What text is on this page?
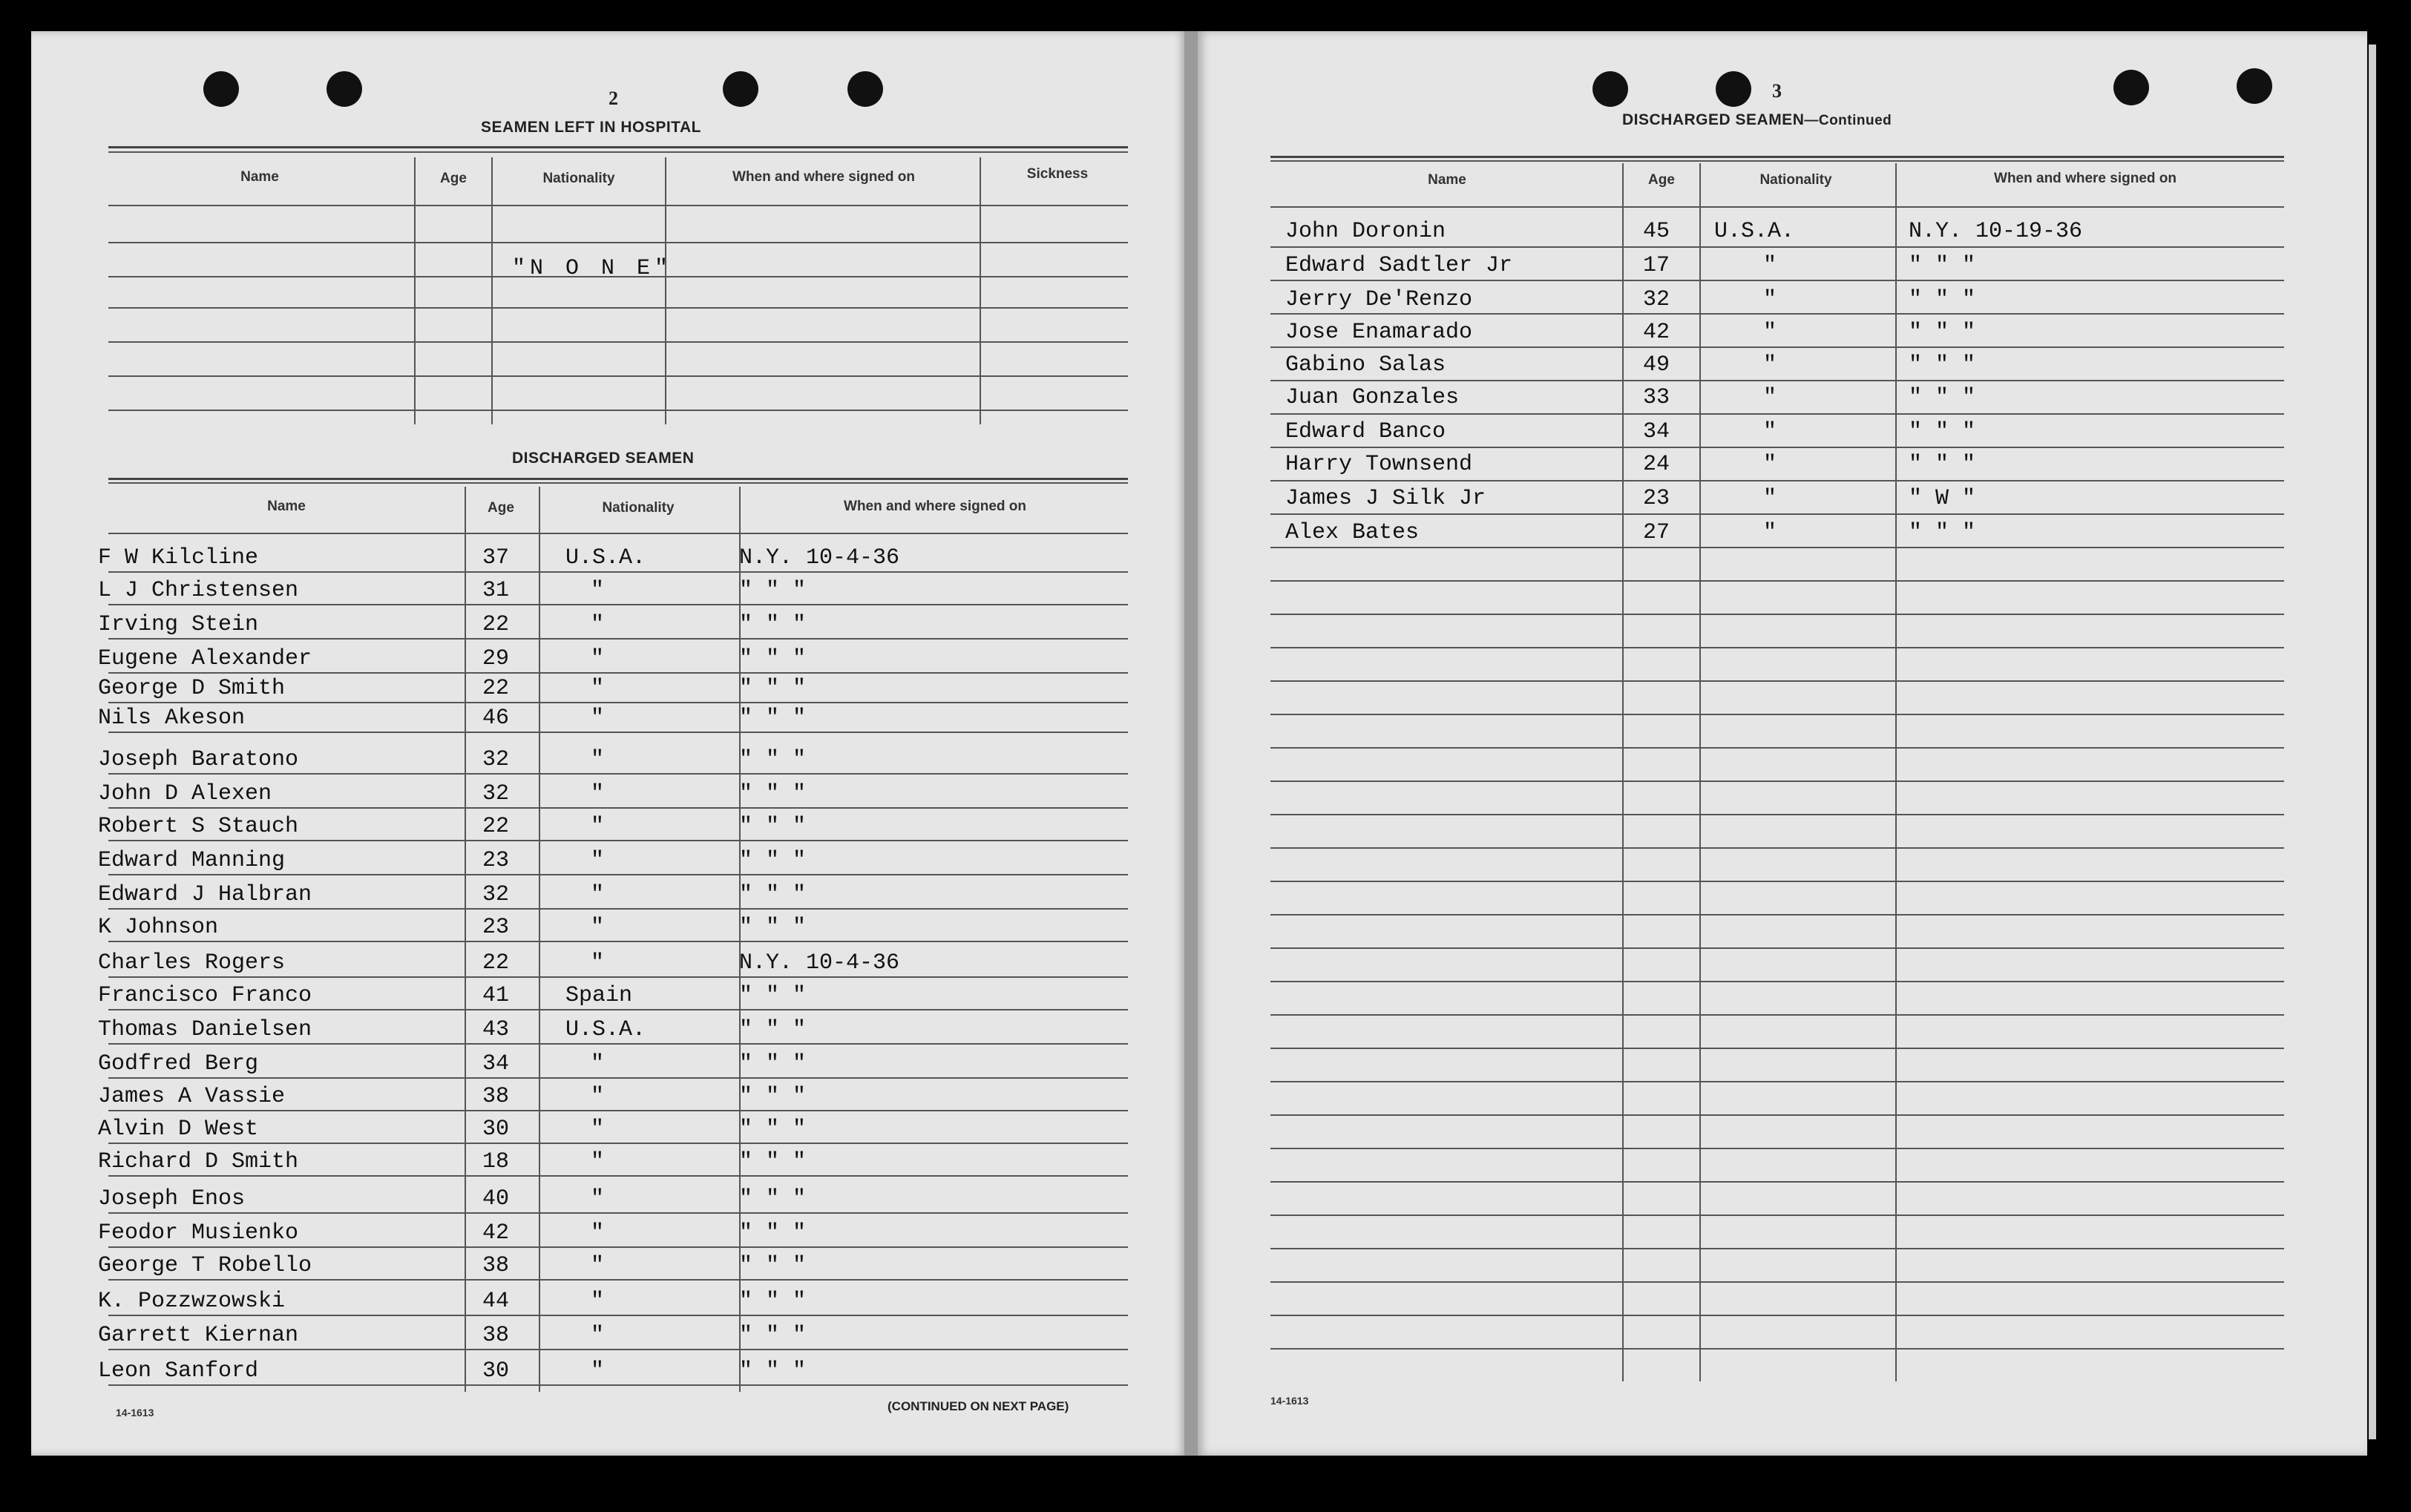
2
SEAMEN LEFT IN HOSPITAL
Name	Age	Nationality	When and where signed on	Sickness
"N O N E"
DISCHARGED SEAMEN
Name	Age	Nationality	When and where signed on
F W Kilcline	37	U.S.A.	N.Y. 10-4-36
L J Christensen	31	"	" " "
Irving Stein	22	"	" " "
Eugene Alexander	29	"	" " "
George D Smith	22	"	" " "
Nils Akeson	46	"	" " "
Joseph Baratono	32	"	" " "
John D Alexen	32	"	" " "
Robert S Stauch	22	"	" " "
Edward Manning	23	"	" " "
Edward J Halbran	32	"	" " "
K Johnson	23	"	" " "
Charles Rogers	22	"	N.Y. 10-4-36
Francisco Franco	41	Spain	" " "
Thomas Danielsen	43	U.S.A.	" " "
Godfred Berg	34	"	" " "
James A Vassie	38	"	" " "
Alvin D West	30	"	" " "
Richard D Smith	18	"	" " "
Joseph Enos	40	"	" " "
Feodor Musienko	42	"	" " "
George T Robello	38	"	" " "
K. Pozzwzowski	44	"	" " "
Garrett Kiernan	38	"	" " "
Leon Sanford	30	"	" " "
(CONTINUED ON NEXT PAGE)
14-1613
3
DISCHARGED SEAMEN—Continued
Name	Age	Nationality	When and where signed on
John Doronin	45 U.S.A.	N.Y. 10-19-36
Edward Sadtler Jr	17	"	" " "
Jerry De'Renzo	32	"	" " "
Jose Enamarado	42	"	" " "
Gabino Salas	49	"	" " "
Juan Gonzales	33	"	" " "
Edward Banco	34	"	" " "
Harry Townsend	24	"	" " "
James J Silk Jr	23	"	" W "
Alex Bates	27	"	" " "
14-1613
